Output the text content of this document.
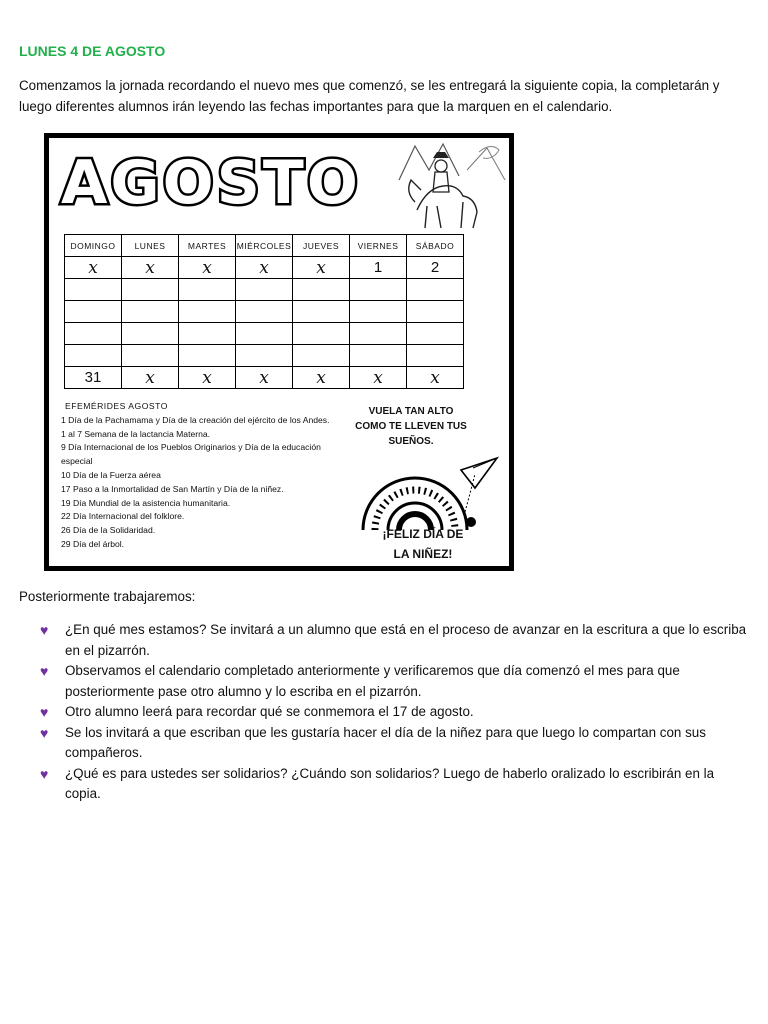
LUNES 4 DE AGOSTO
Comenzamos la jornada recordando el nuevo mes que comenzó, se les entregará la siguiente copia, la completarán y luego diferentes alumnos irán leyendo las fechas importantes para que la marquen en el calendario.
AGOSTO
DOMINGO	LUNES	MARTES	MIÉRCOLES	JUEVES	VIERNES	SÁBADO
x	x	x	x	x	1	2

31	x	x	x	x	x	x
EFEMÉRIDES AGOSTO
1 Día de la Pachamama y Día de la creación del ejército de los Andes.
1 al 7 Semana de la lactancia Materna.
9 Día Internacional de los Pueblos Originarios y Día de la educación especial
10 Día de la Fuerza aérea
17 Paso a la Inmortalidad de San Martín y Día de la niñez.
19 Día Mundial de la asistencia humanitaria.
22 Día Internacional del folklore.
26 Día de la Solidaridad.
29 Día del árbol.
VUELA TAN ALTO
COMO TE LLEVEN TUS
SUEÑOS.
¡FELIZ DÍA DE
LA NIÑEZ!
Posteriormente trabajaremos:
♥ ¿En qué mes estamos? Se invitará a un alumno que está en el proceso de avanzar en la escritura a que lo escriba en el pizarrón.
♥ Observamos el calendario completado anteriormente y verificaremos que día comenzó el mes para que posteriormente pase otro alumno y lo escriba en el pizarrón.
♥ Otro alumno leerá para recordar qué se conmemora el 17 de agosto.
♥ Se los invitará a que escriban que les gustaría hacer el día de la niñez para que luego lo compartan con sus compañeros.
♥ ¿Qué es para ustedes ser solidarios? ¿Cuándo son solidarios? Luego de haberlo oralizado lo escribirán en la copia.
